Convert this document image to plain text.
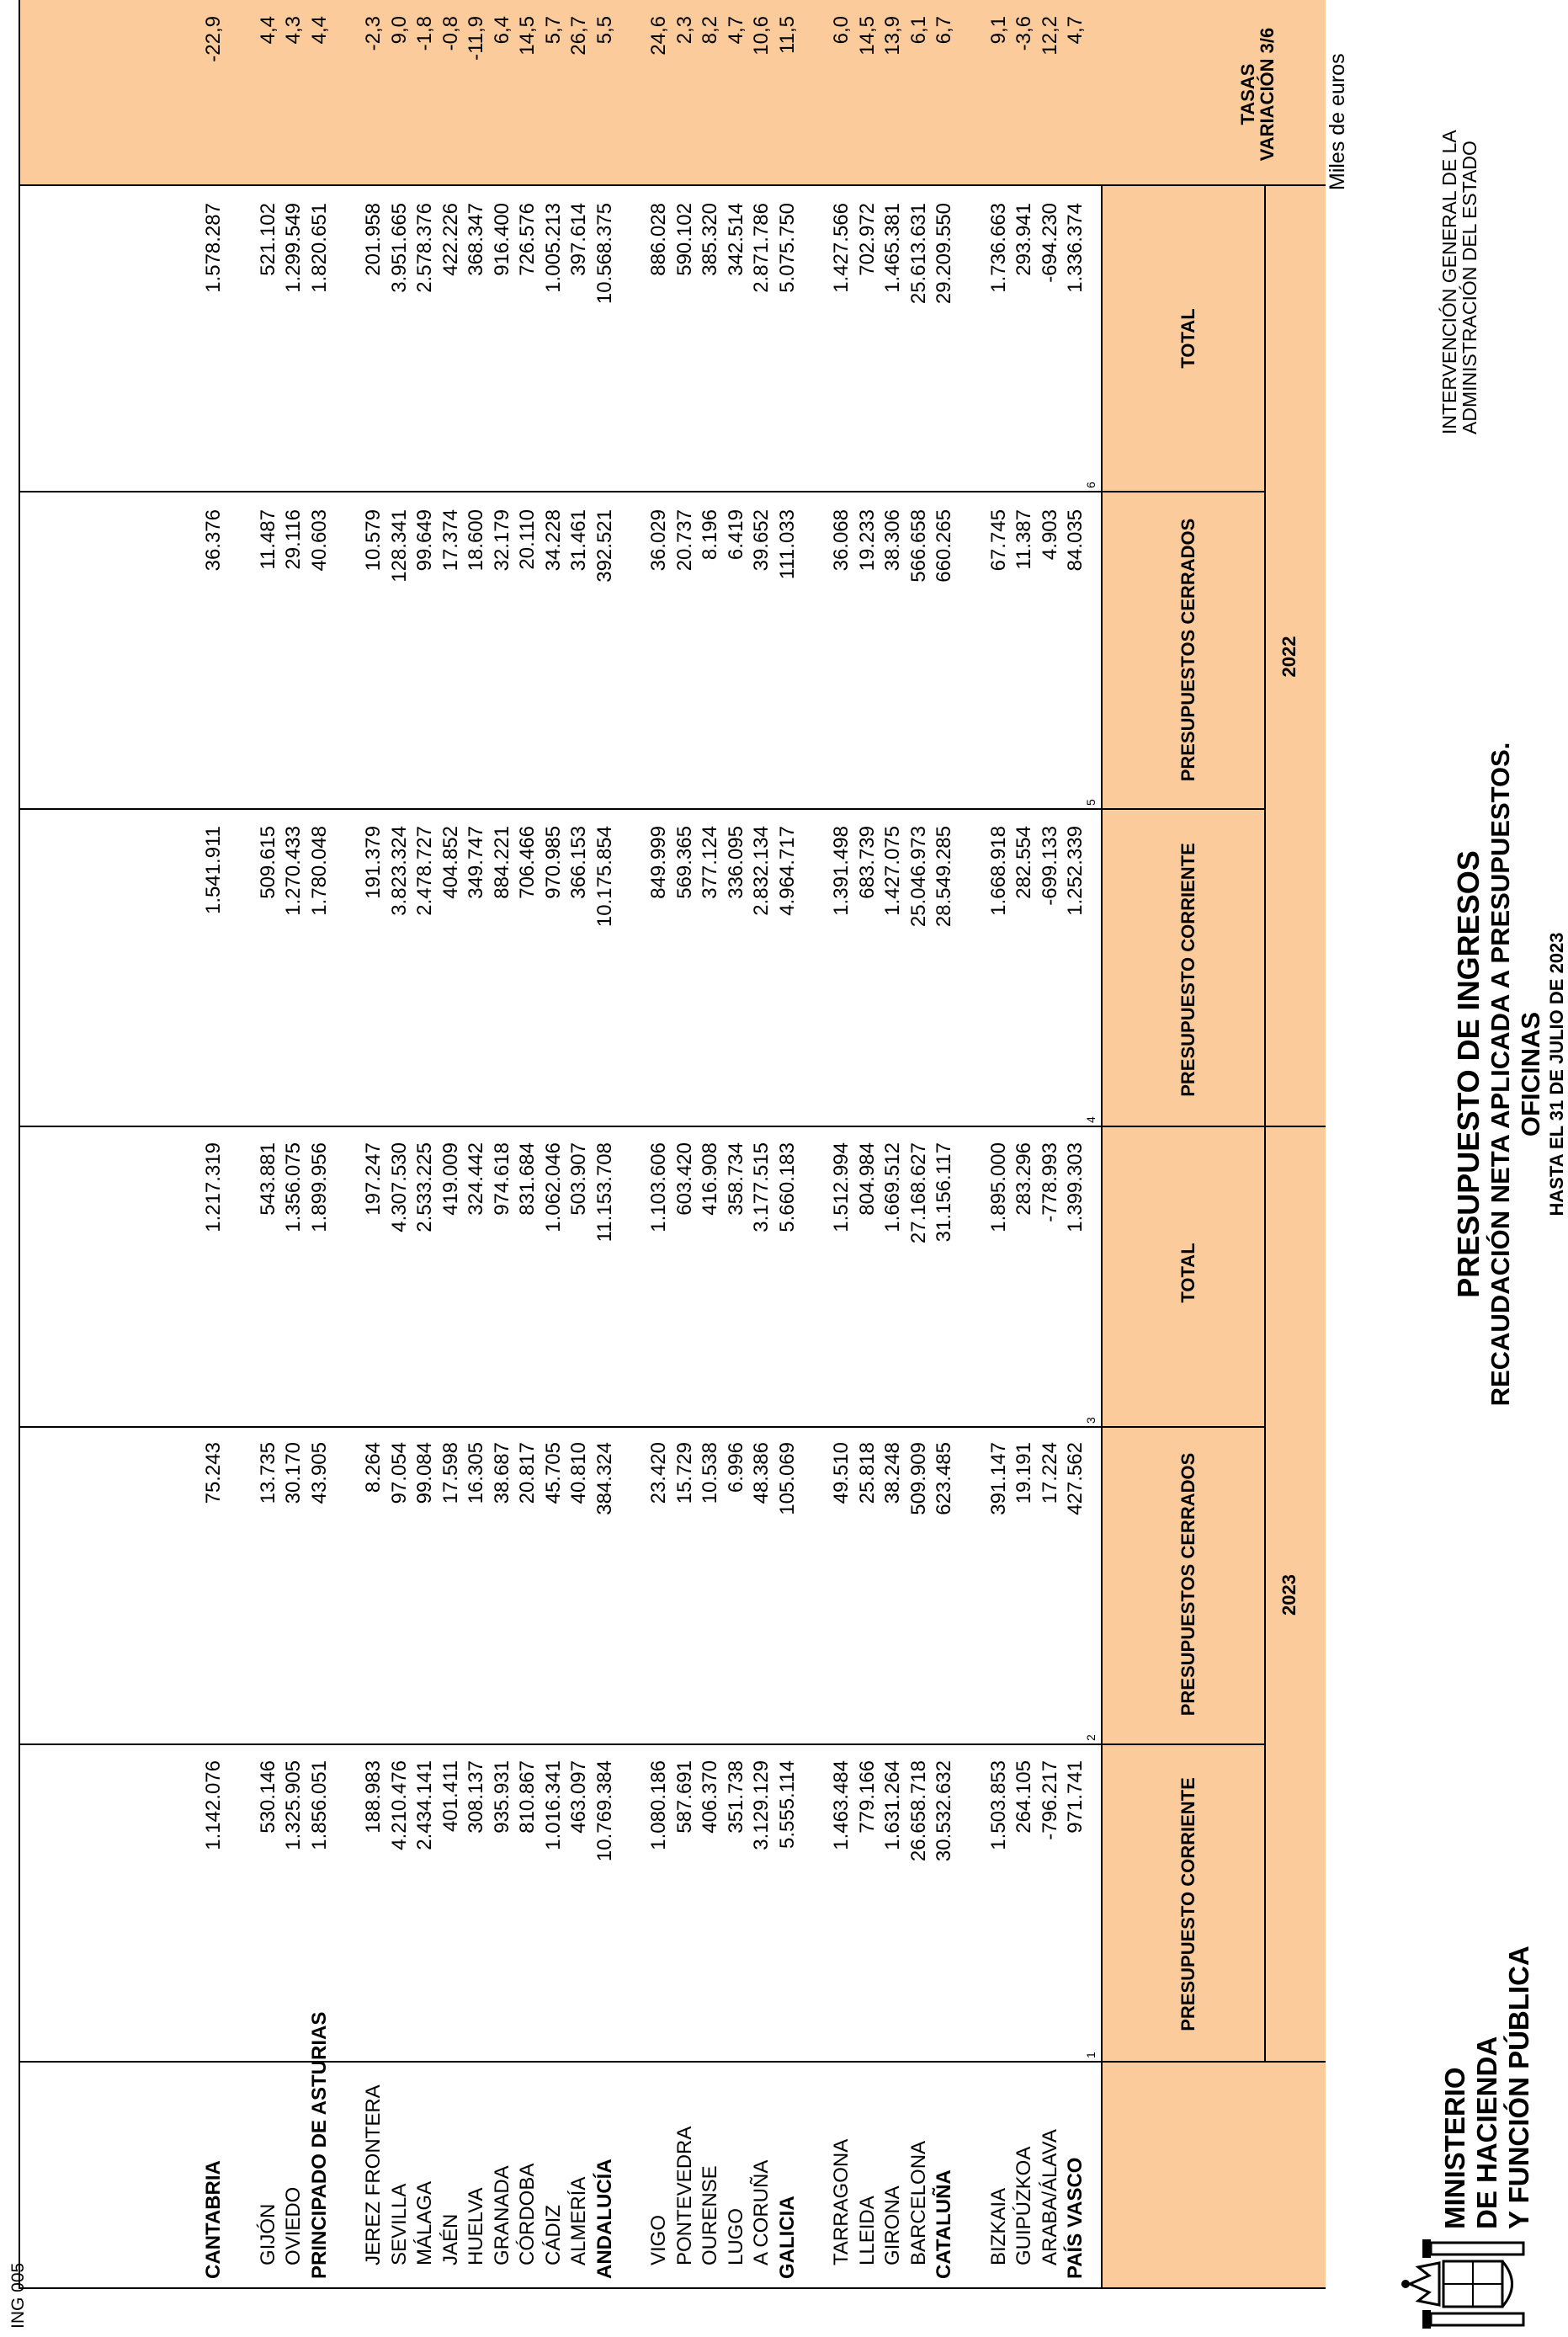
MINISTERIO DE HACIENDA Y FUNCIÓN PÚBLICA
PRESUPUESTO DE INGRESOS RECAUDACIÓN NETA APLICADA A PRESUPUESTOS. OFICINAS HASTA EL 31 DE JULIO DE 2023
INTERVENCIÓN GENERAL DE LA
ADMINISTRACIÓN DEL ESTADO
Miles de euros
ING 005
2023
2022
PRESUPUESTO CORRIENTE
PRESUPUESTOS CERRADOS
TOTAL
PRESUPUESTO CORRIENTE
PRESUPUESTOS CERRADOS
TOTAL
TASAS VARIACIÓN 3/6
1
2
3
4
5
6
PAÍS VASCO
971.741
427.562
1.399.303
1.252.339
84.035
1.336.374
4,7
ARABA/ÁLAVA
-796.217
17.224
-778.993
-699.133
4.903
-694.230
12,2
GUIPÚZKOA
264.105
19.191
283.296
282.554
11.387
293.941
-3,6
BIZKAIA
1.503.853
391.147
1.895.000
1.668.918
67.745
1.736.663
9,1
CATALUÑA
30.532.632
623.485
31.156.117
28.549.285
660.265
29.209.550
6,7
BARCELONA
26.658.718
509.909
27.168.627
25.046.973
566.658
25.613.631
6,1
GIRONA
1.631.264
38.248
1.669.512
1.427.075
38.306
1.465.381
13,9
LLEIDA
779.166
25.818
804.984
683.739
19.233
702.972
14,5
TARRAGONA
1.463.484
49.510
1.512.994
1.391.498
36.068
1.427.566
6,0
GALICIA
5.555.114
105.069
5.660.183
4.964.717
111.033
5.075.750
11,5
A CORUÑA
3.129.129
48.386
3.177.515
2.832.134
39.652
2.871.786
10,6
LUGO
351.738
6.996
358.734
336.095
6.419
342.514
4,7
OURENSE
406.370
10.538
416.908
377.124
8.196
385.320
8,2
PONTEVEDRA
587.691
15.729
603.420
569.365
20.737
590.102
2,3
VIGO
1.080.186
23.420
1.103.606
849.999
36.029
886.028
24,6
ANDALUCÍA
10.769.384
384.324
11.153.708
10.175.854
392.521
10.568.375
5,5
ALMERÍA
463.097
40.810
503.907
366.153
31.461
397.614
26,7
CÁDIZ
1.016.341
45.705
1.062.046
970.985
34.228
1.005.213
5,7
CÓRDOBA
810.867
20.817
831.684
706.466
20.110
726.576
14,5
GRANADA
935.931
38.687
974.618
884.221
32.179
916.400
6,4
HUELVA
308.137
16.305
324.442
349.747
18.600
368.347
-11,9
JAÉN
401.411
17.598
419.009
404.852
17.374
422.226
-0,8
MÁLAGA
2.434.141
99.084
2.533.225
2.478.727
99.649
2.578.376
-1,8
SEVILLA
4.210.476
97.054
4.307.530
3.823.324
128.341
3.951.665
9,0
JEREZ FRONTERA
188.983
8.264
197.247
191.379
10.579
201.958
-2,3
PRINCIPADO DE ASTURIAS
1.856.051
43.905
1.899.956
1.780.048
40.603
1.820.651
4,4
OVIEDO
1.325.905
30.170
1.356.075
1.270.433
29.116
1.299.549
4,3
GIJÓN
530.146
13.735
543.881
509.615
11.487
521.102
4,4
CANTABRIA
1.142.076
75.243
1.217.319
1.541.911
36.376
1.578.287
-22,9
